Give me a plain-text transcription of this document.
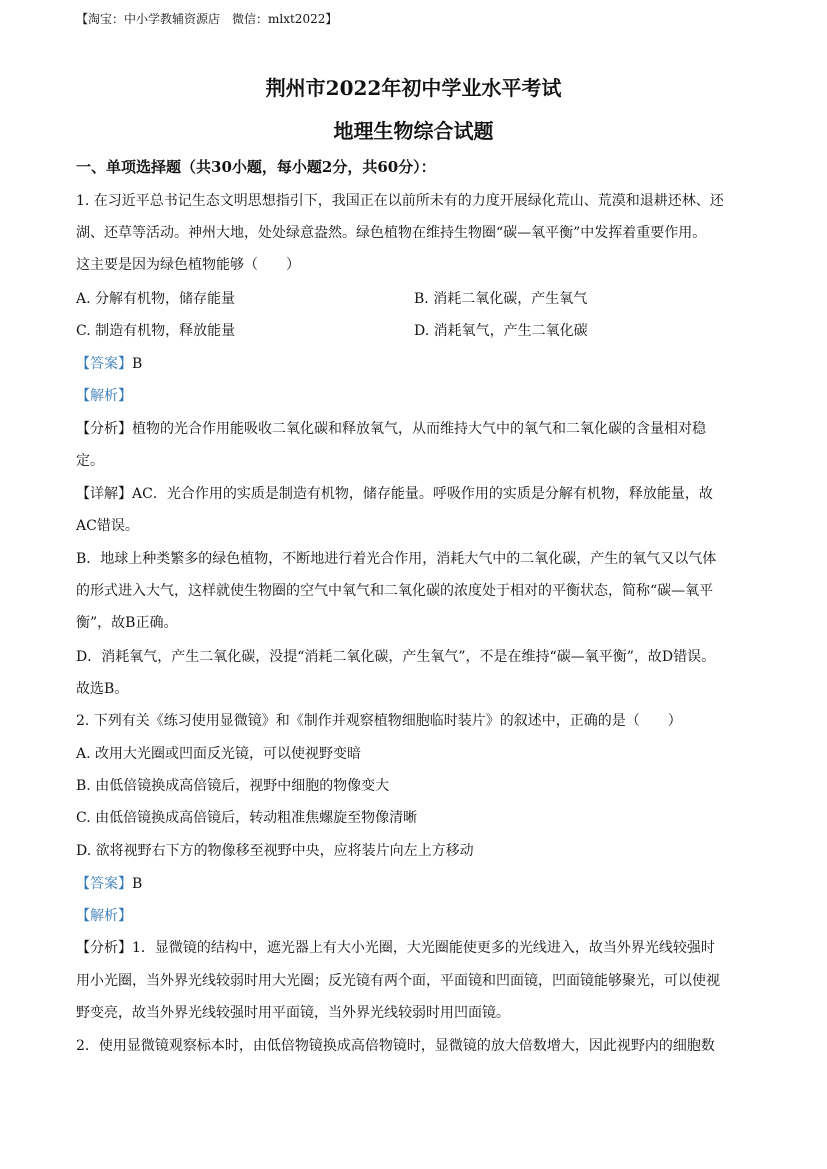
【淘宝：中小学教辅资源店　微信：mlxt2022】
荆州市2022年初中学业水平考试
地理生物综合试题
一、单项选择题（共30小题，每小题2分，共60分）：
1. 在习近平总书记生态文明思想指引下，我国正在以前所未有的力度开展绿化荒山、荒漠和退耕还林、还
湖、还草等活动。神州大地，处处绿意盎然。绿色植物在维持生物圈“碳—氧平衡”中发挥着重要作用。
这主要是因为绿色植物能够（　　）
A. 分解有机物，储存能量	B. 消耗二氧化碳，产生氧气
C. 制造有机物，释放能量	D. 消耗氧气，产生二氧化碳
【答案】B
【解析】
【分析】植物的光合作用能吸收二氧化碳和释放氧气，从而维持大气中的氧气和二氧化碳的含量相对稳
定。
【详解】AC．光合作用的实质是制造有机物，储存能量。呼吸作用的实质是分解有机物，释放能量，故
AC错误。
B．地球上种类繁多的绿色植物，不断地进行着光合作用，消耗大气中的二氧化碳，产生的氧气又以气体
的形式进入大气，这样就使生物圈的空气中氧气和二氧化碳的浓度处于相对的平衡状态，简称“碳—氧平
衡”，故B正确。
D．消耗氧气，产生二氧化碳，没提“消耗二氧化碳，产生氧气”，不是在维持“碳—氧平衡”，故D错误。
故选B。
2. 下列有关《练习使用显微镜》和《制作并观察植物细胞临时装片》的叙述中，正确的是（　　）
A. 改用大光圈或凹面反光镜，可以使视野变暗
B. 由低倍镜换成高倍镜后，视野中细胞的物像变大
C. 由低倍镜换成高倍镜后，转动粗准焦螺旋至物像清晰
D. 欲将视野右下方的物像移至视野中央，应将装片向左上方移动
【答案】B
【解析】
【分析】1．显微镜的结构中，遮光器上有大小光圈，大光圈能使更多的光线进入，故当外界光线较强时
用小光圈，当外界光线较弱时用大光圈；反光镜有两个面，平面镜和凹面镜，凹面镜能够聚光，可以使视
野变亮，故当外界光线较强时用平面镜，当外界光线较弱时用凹面镜。
2．使用显微镜观察标本时，由低倍物镜换成高倍物镜时，显微镜的放大倍数增大，因此视野内的细胞数
